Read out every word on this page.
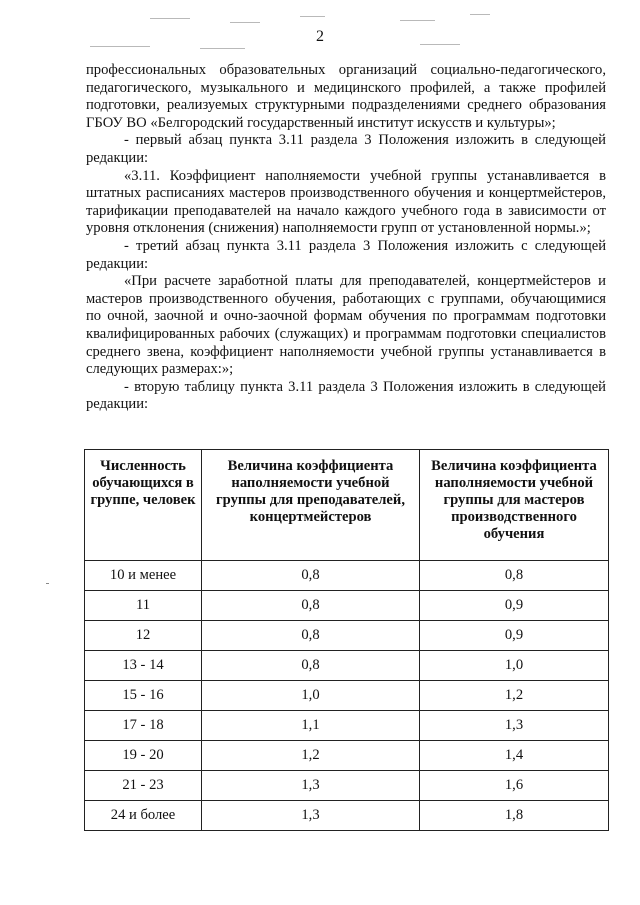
2

профессиональных образовательных организаций социально-педагогического, педагогического, музыкального и медицинского профилей, а также профилей подготовки, реализуемых структурными подразделениями среднего образования ГБОУ ВО «Белгородский государственный институт искусств и культуры»;

- первый абзац пункта 3.11 раздела 3 Положения изложить в следующей редакции:

«3.11. Коэффициент наполняемости учебной группы устанавливается в штатных расписаниях мастеров производственного обучения и концертмейстеров, тарификации преподавателей на начало каждого учебного года в зависимости от уровня отклонения (снижения) наполняемости групп от установленной нормы.»;

- третий абзац пункта 3.11 раздела 3 Положения изложить с следующей редакции:

«При расчете заработной платы для преподавателей, концертмейстеров и мастеров производственного обучения, работающих с группами, обучающимися по очной, заочной и очно-заочной формам обучения по программам подготовки квалифицированных рабочих (служащих) и программам подготовки специалистов среднего звена, коэффициент наполняемости учебной группы устанавливается в следующих размерах:»;

- вторую таблицу пункта 3.11 раздела 3 Положения изложить в следующей редакции:

Численность обучающихся в группе, человек	Величина коэффициента наполняемости учебной группы для преподавателей, концертмейстеров	Величина коэффициента наполняемости учебной группы для мастеров производственного обучения
10 и менее	0,8	0,8
11	0,8	0,9
12	0,8	0,9
13 - 14	0,8	1,0
15 - 16	1,0	1,2
17 - 18	1,1	1,3
19 - 20	1,2	1,4
21 - 23	1,3	1,6
24 и более	1,3	1,8
